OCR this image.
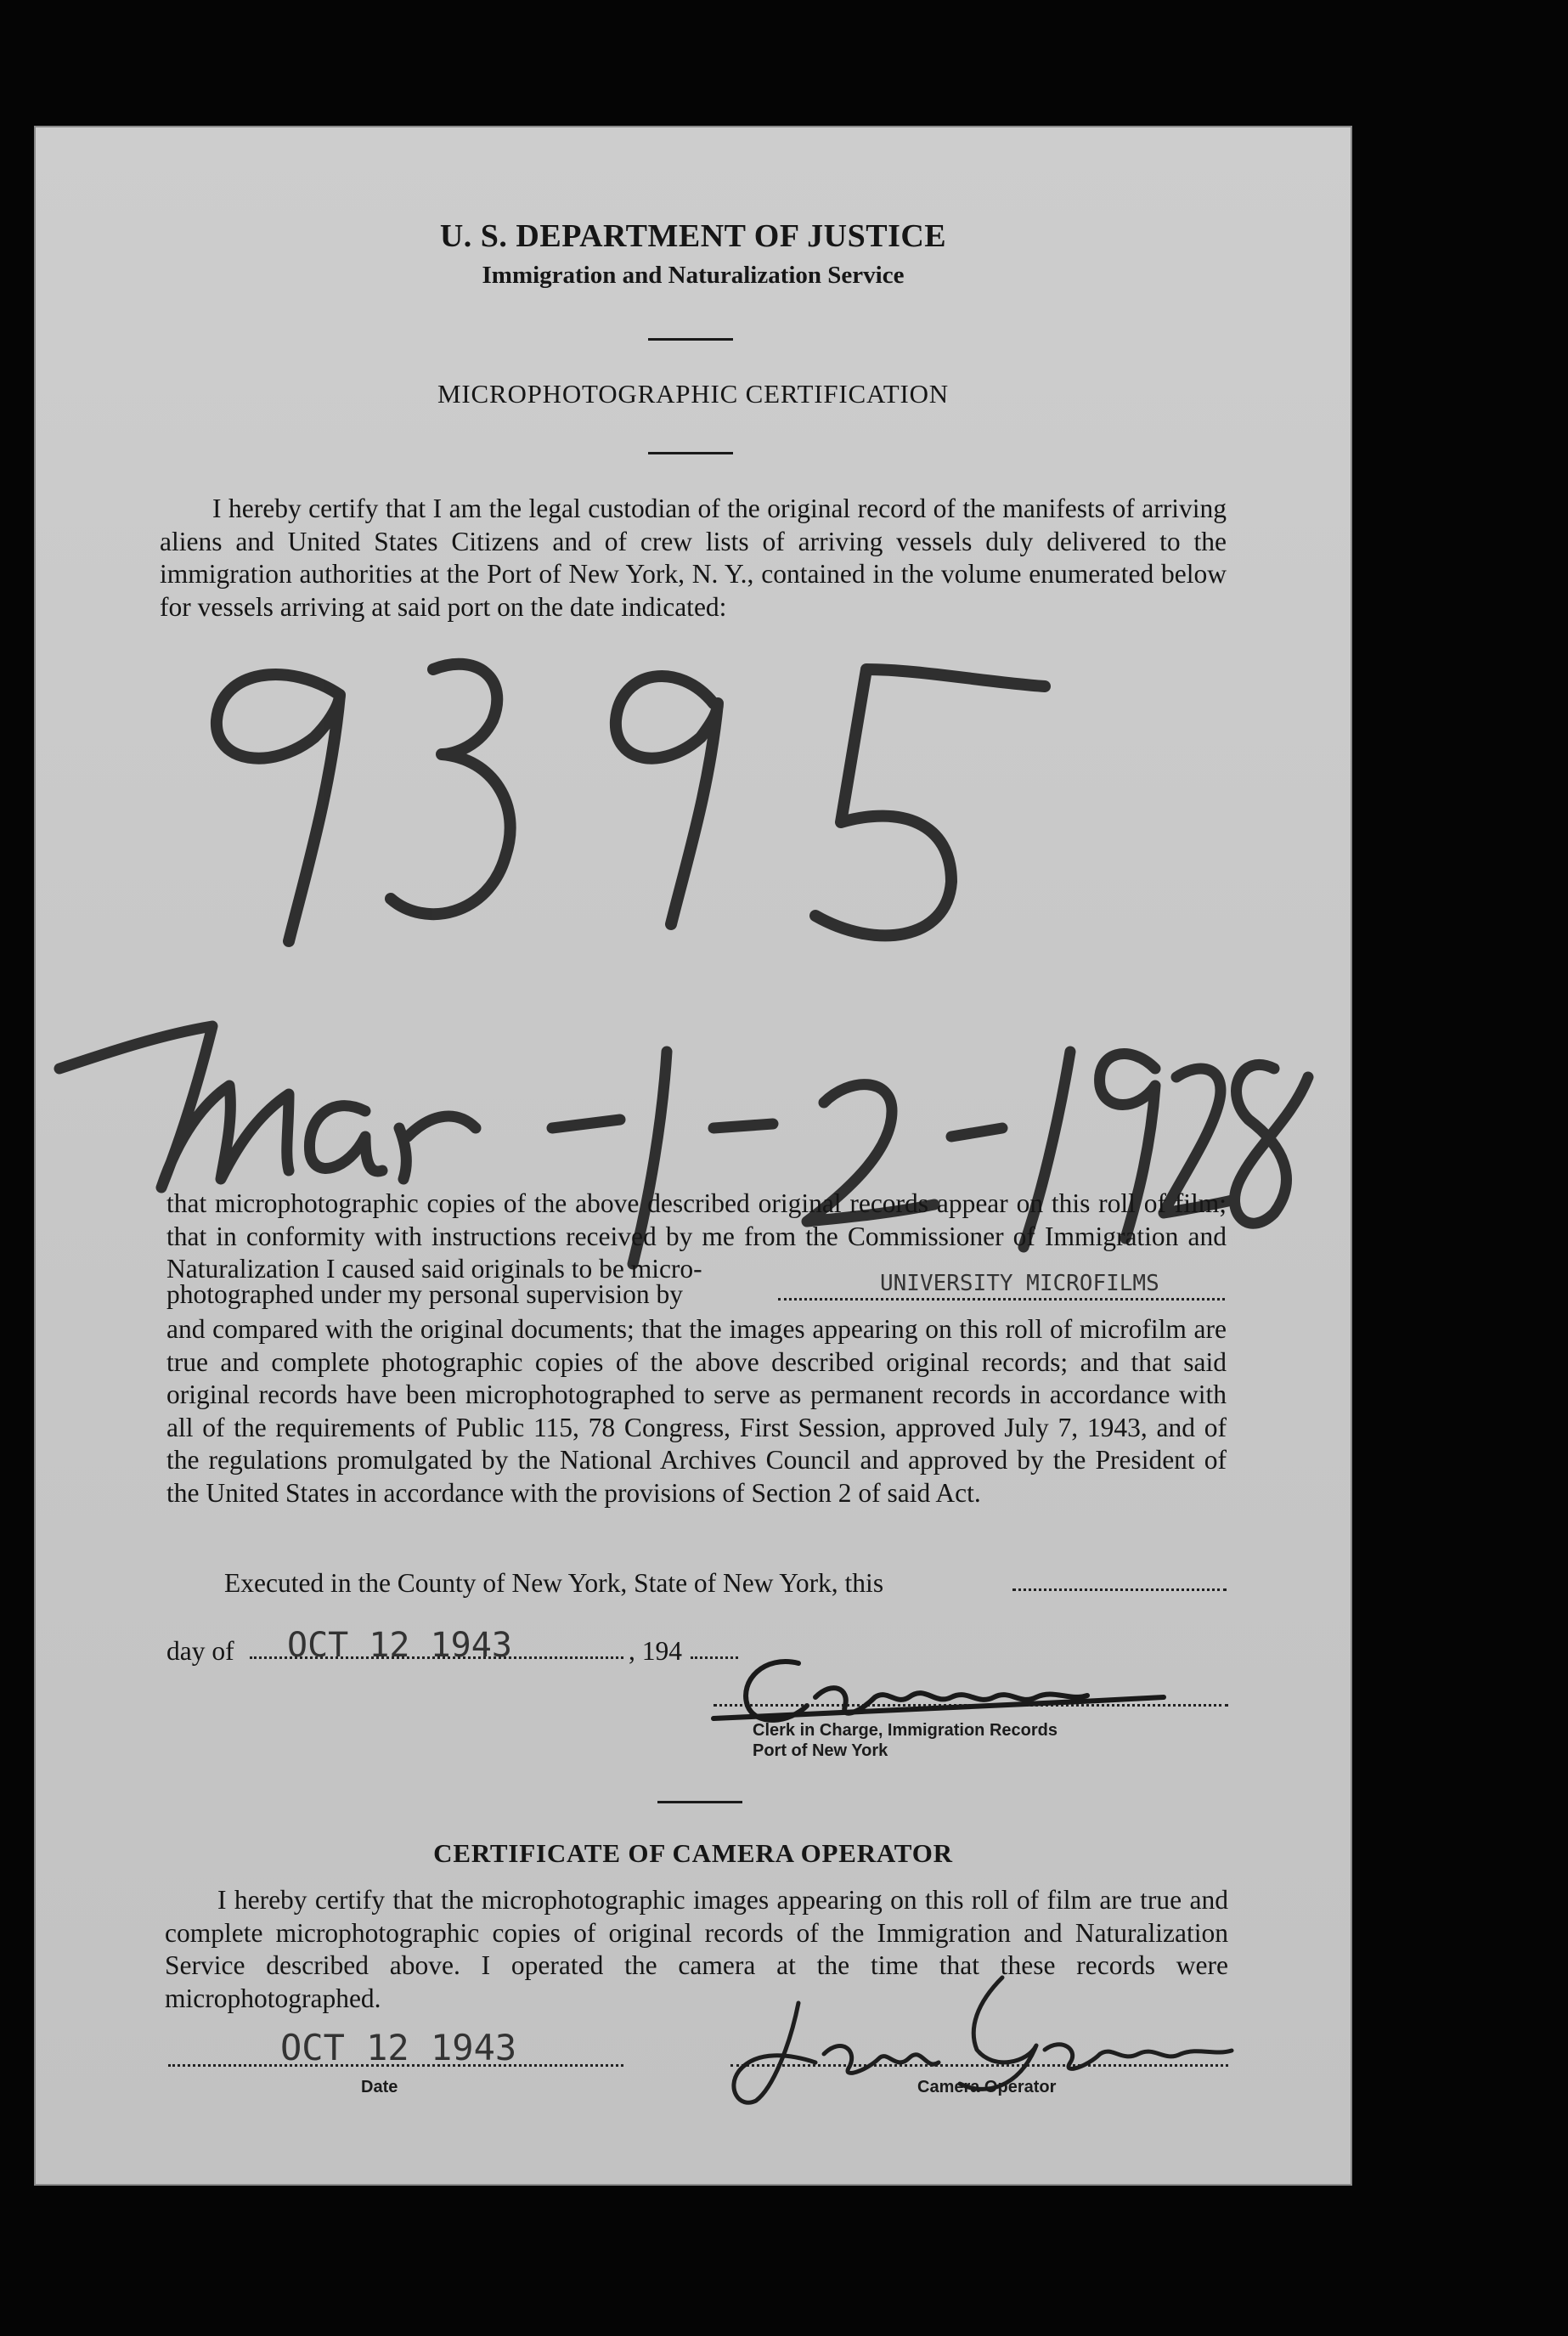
U. S. DEPARTMENT OF JUSTICE
Immigration and Naturalization Service
MICROPHOTOGRAPHIC CERTIFICATION
I hereby certify that I am the legal custodian of the original record of the manifests of arriving aliens and United States Citizens and of crew lists of arriving vessels duly delivered to the immigration authorities at the Port of New York, N. Y., contained in the volume enumerated below for vessels arriving at said port on the date indicated:
that microphotographic copies of the above described original records appear on this roll of film; that in conformity with instructions received by me from the Commissioner of Immigration and Naturalization I caused said originals to be micro-	UNIVERSITY MICROFILMS
photographed under my personal supervision by
and compared with the original documents; that the images appearing on this roll of microfilm are true and complete photographic copies of the above described original records; and that said original records have been microphotographed to serve as permanent records in accordance with all of the requirements of Public 115, 78 Congress, First Session, approved July 7, 1943, and of the regulations promulgated by the National Archives Council and approved by the President of the United States in accordance with the provisions of Section 2 of said Act.
Executed in the County of New York, State of New York, this
day of OCT 12 1943	, 194
Clerk in Charge, Immigration Records
Port of New York
CERTIFICATE OF CAMERA OPERATOR
I hereby certify that the microphotographic images appearing on this roll of film are true and complete microphotographic copies of original records of the Immigration and Naturalization Service described above. I operated the camera at the time that these records were microphotographed.
OCT 12 1943
Date	Camera Operator
